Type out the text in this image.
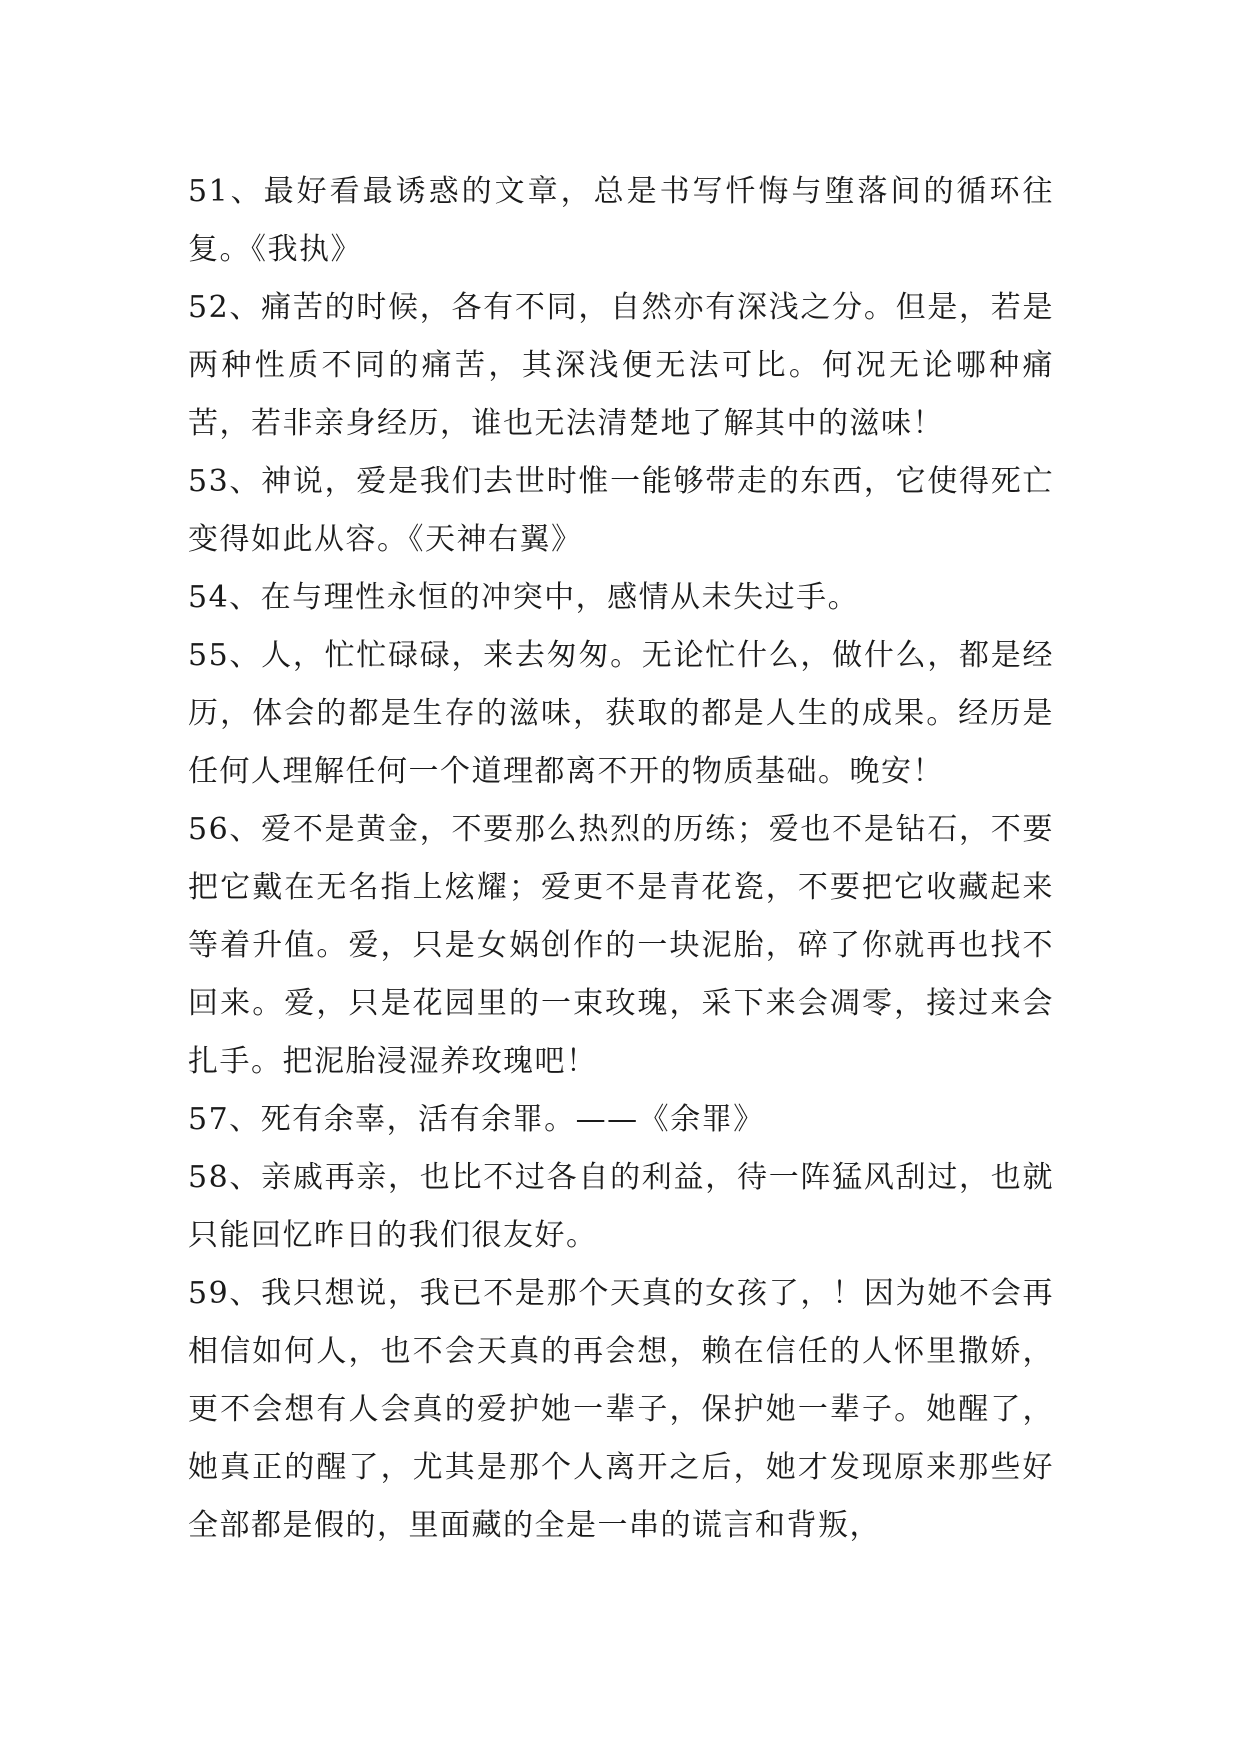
51、最好看最诱惑的文章，总是书写忏悔与堕落间的循环往复。《我执》

52、痛苦的时候，各有不同，自然亦有深浅之分。但是，若是两种性质不同的痛苦，其深浅便无法可比。何况无论哪种痛苦，若非亲身经历，谁也无法清楚地了解其中的滋味！

53、神说，爱是我们去世时惟一能够带走的东西，它使得死亡变得如此从容。《天神右翼》

54、在与理性永恒的冲突中，感情从未失过手。

55、人，忙忙碌碌，来去匆匆。无论忙什么，做什么，都是经历，体会的都是生存的滋味，获取的都是人生的成果。经历是任何人理解任何一个道理都离不开的物质基础。晚安！

56、爱不是黄金，不要那么热烈的历练；爱也不是钻石，不要把它戴在无名指上炫耀；爱更不是青花瓷，不要把它收藏起来等着升值。爱，只是女娲创作的一块泥胎，碎了你就再也找不回来。爱，只是花园里的一束玫瑰，采下来会凋零，接过来会扎手。把泥胎浸湿养玫瑰吧！

57、死有余辜，活有余罪。——《余罪》

58、亲戚再亲，也比不过各自的利益，待一阵猛风刮过，也就只能回忆昨日的我们很友好。

59、我只想说，我已不是那个天真的女孩了，！因为她不会再相信如何人，也不会天真的再会想，赖在信任的人怀里撒娇，更不会想有人会真的爱护她一辈子，保护她一辈子。她醒了，她真正的醒了，尤其是那个人离开之后，她才发现原来那些好全部都是假的，里面藏的全是一串的谎言和背叛，
